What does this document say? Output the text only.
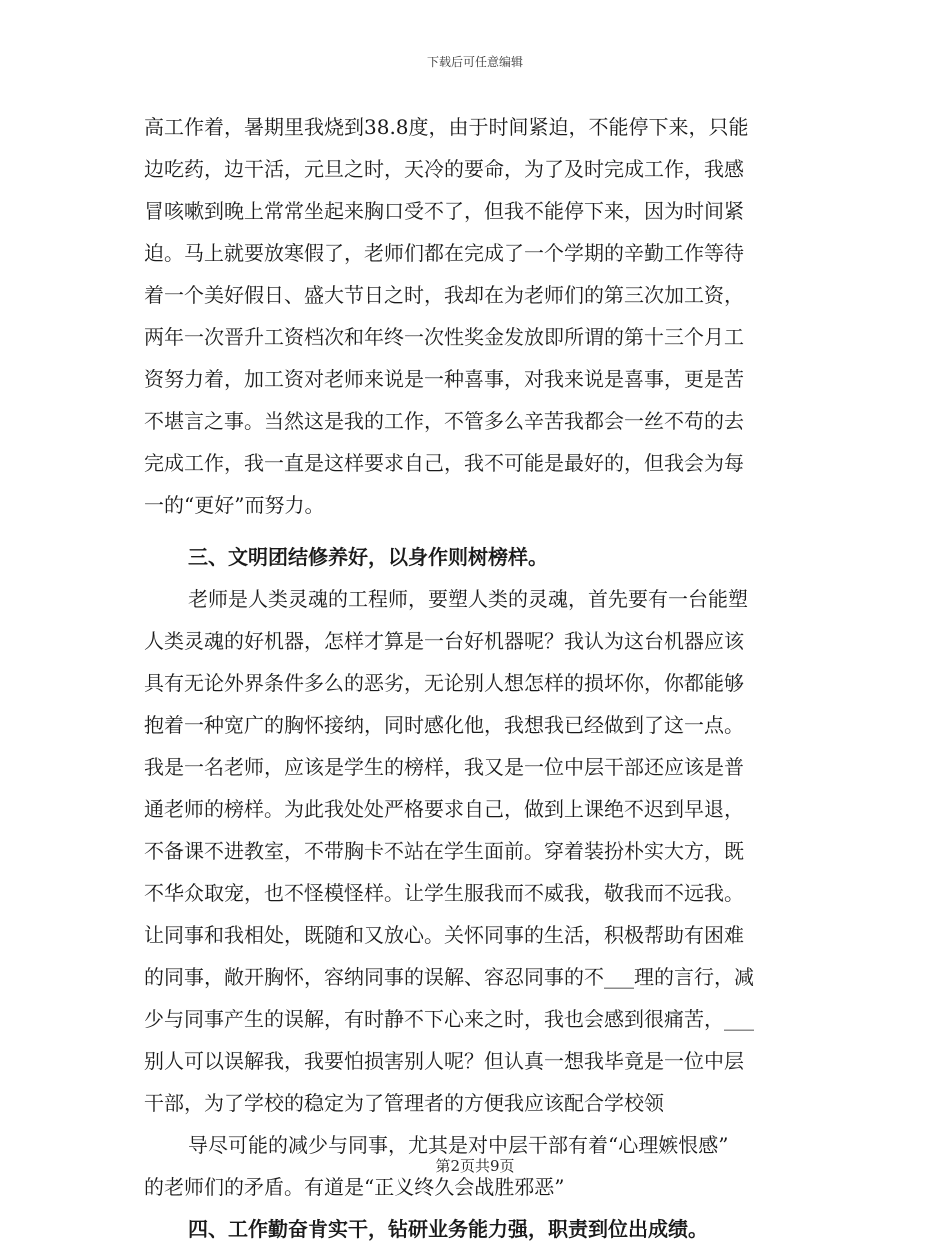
下载后可任意编辑
高工作着，暑期里我烧到38.8度，由于时间紧迫，不能停下来，只能
边吃药，边干活，元旦之时，天冷的要命，为了及时完成工作，我感
冒咳嗽到晚上常常坐起来胸口受不了，但我不能停下来，因为时间紧
迫。马上就要放寒假了，老师们都在完成了一个学期的辛勤工作等待
着一个美好假日、盛大节日之时，我却在为老师们的第三次加工资，
两年一次晋升工资档次和年终一次性奖金发放即所谓的第十三个月工
资努力着，加工资对老师来说是一种喜事，对我来说是喜事，更是苦
不堪言之事。当然这是我的工作，不管多么辛苦我都会一丝不苟的去
完成工作，我一直是这样要求自己，我不可能是最好的，但我会为每
一的“更好”而努力。
三、文明团结修养好，以身作则树榜样。
老师是人类灵魂的工程师，要塑人类的灵魂，首先要有一台能塑
人类灵魂的好机器，怎样才算是一台好机器呢？我认为这台机器应该
具有无论外界条件多么的恶劣，无论别人想怎样的损坏你，你都能够
抱着一种宽广的胸怀接纳，同时感化他，我想我已经做到了这一点。
我是一名老师，应该是学生的榜样，我又是一位中层干部还应该是普
通老师的榜样。为此我处处严格要求自己，做到上课绝不迟到早退，
不备课不进教室，不带胸卡不站在学生面前。穿着装扮朴实大方，既
不华众取宠，也不怪模怪样。让学生服我而不威我，敬我而不远我。
让同事和我相处，既随和又放心。关怀同事的生活，积极帮助有困难
的同事，敞开胸怀，容纳同事的误解、容忍同事的不___理的言行，减
少与同事产生的误解，有时静不下心来之时，我也会感到很痛苦，___
别人可以误解我，我要怕损害别人呢？但认真一想我毕竟是一位中层
干部，为了学校的稳定为了管理者的方便我应该配合学校领
导尽可能的减少与同事，尤其是对中层干部有着“心理嫉恨感”
的老师们的矛盾。有道是“正义终久会战胜邪恶”
四、工作勤奋肯实干，钻研业务能力强，职责到位出成绩。
第2页共9页
